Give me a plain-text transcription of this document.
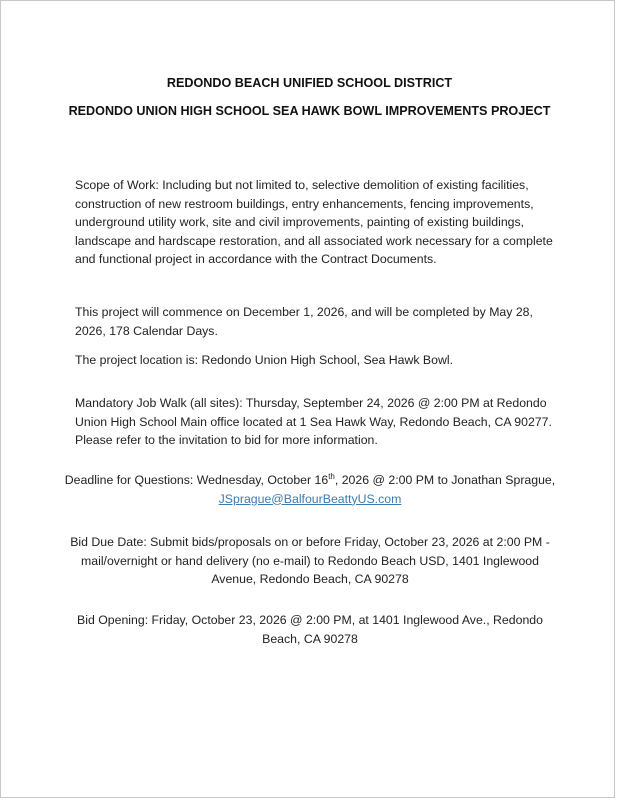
REDONDO BEACH UNIFIED SCHOOL DISTRICT
REDONDO UNION HIGH SCHOOL SEA HAWK BOWL IMPROVEMENTS PROJECT
Scope of Work: Including but not limited to, selective demolition of existing facilities, construction of new restroom buildings, entry enhancements, fencing improvements, underground utility work, site and civil improvements, painting of existing buildings, landscape and hardscape restoration, and all associated work necessary for a complete and functional project in accordance with the Contract Documents.
This project will commence on December 1, 2026, and will be completed by May 28, 2026, 178 Calendar Days.
The project location is: Redondo Union High School, Sea Hawk Bowl.
Mandatory Job Walk (all sites): Thursday, September 24, 2026 @ 2:00 PM at Redondo Union High School Main office located at 1 Sea Hawk Way, Redondo Beach, CA 90277. Please refer to the invitation to bid for more information.
Deadline for Questions: Wednesday, October 16th, 2026 @ 2:00 PM to Jonathan Sprague, JSprague@BalfourBeattyUS.com
Bid Due Date: Submit bids/proposals on or before Friday, October 23, 2026 at 2:00 PM - mail/overnight or hand delivery (no e-mail) to Redondo Beach USD, 1401 Inglewood Avenue, Redondo Beach, CA 90278
Bid Opening: Friday, October 23, 2026 @ 2:00 PM, at 1401 Inglewood Ave., Redondo Beach, CA 90278
